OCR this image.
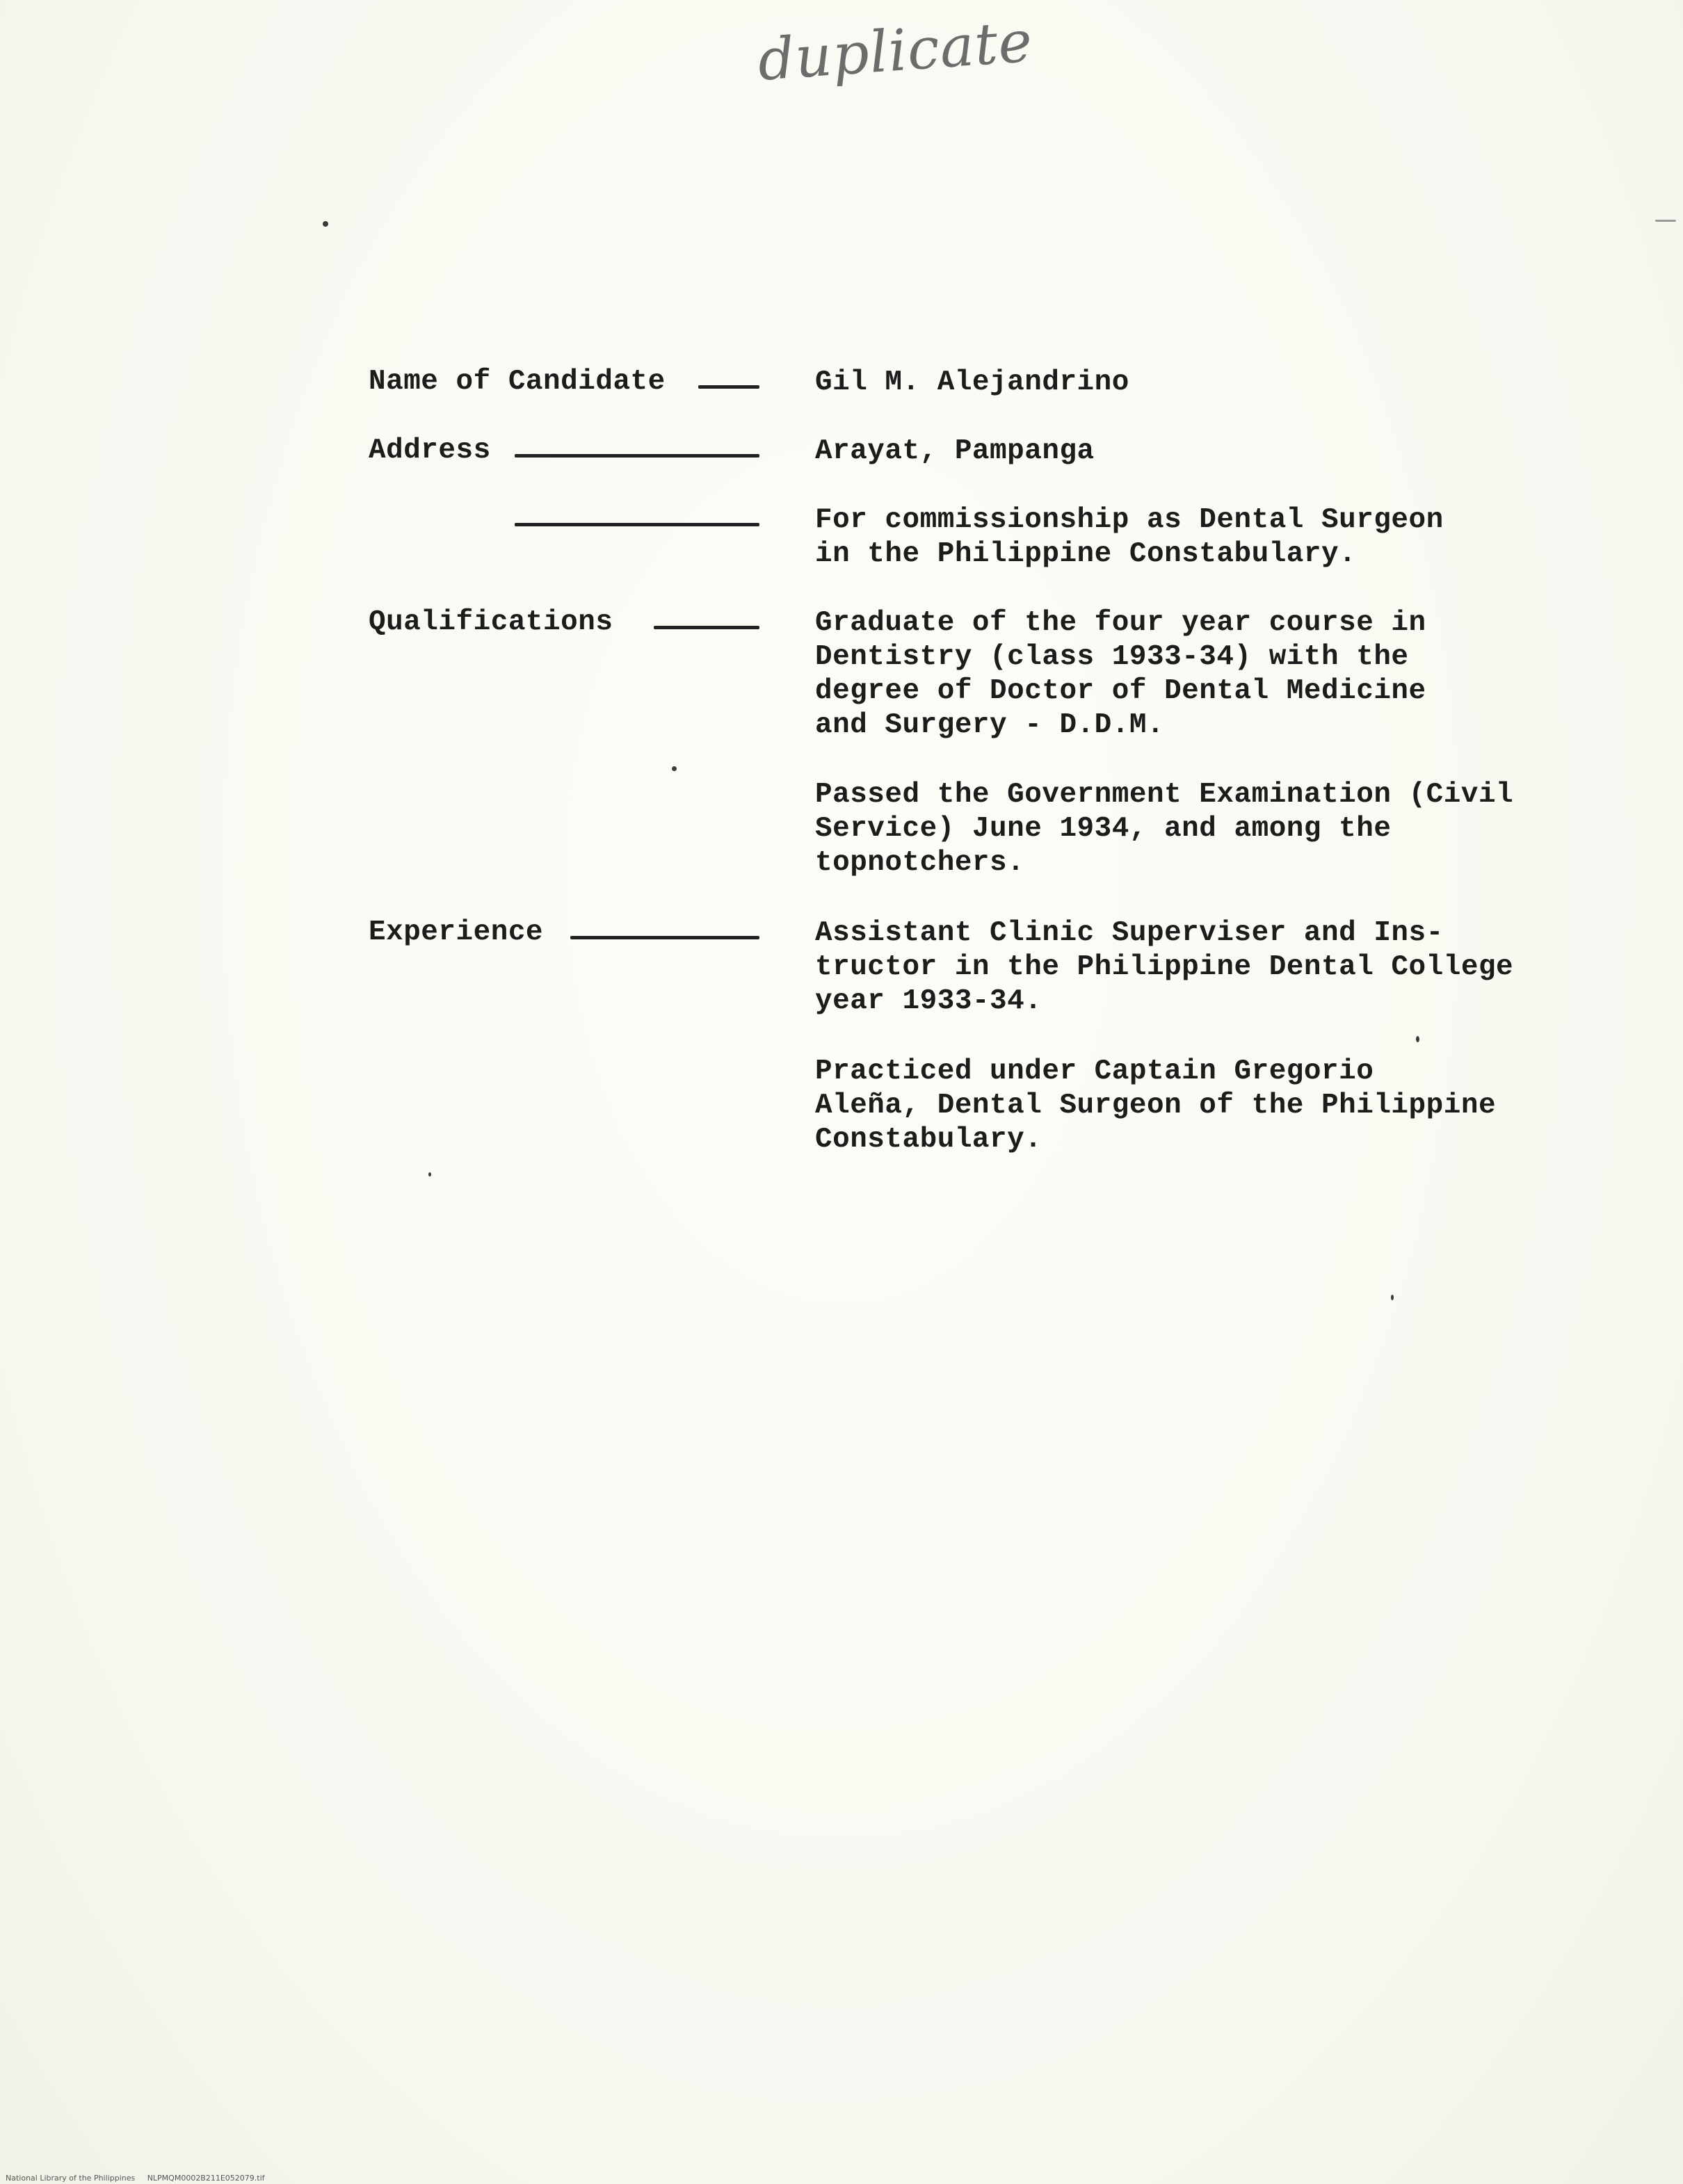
duplicate
Name of Candidate	Gil M. Alejandrino
Address	Arayat, Pampanga
For commissionship as Dental Surgeon
in the Philippine Constabulary.
Qualifications	Graduate of the four year course in
Dentistry (class 1933-34) with the
degree of Doctor of Dental Medicine
and Surgery - D.D.M.
Passed the Government Examination (Civil
Service) June 1934, and among the
topnotchers.
Experience	Assistant Clinic Superviser and Ins-
tructor in the Philippine Dental College
year 1933-34.
Practiced under Captain Gregorio
Aleña, Dental Surgeon of the Philippine
Constabulary.
National Library of the Philippines     NLPMQM0002B211E052079.tif
